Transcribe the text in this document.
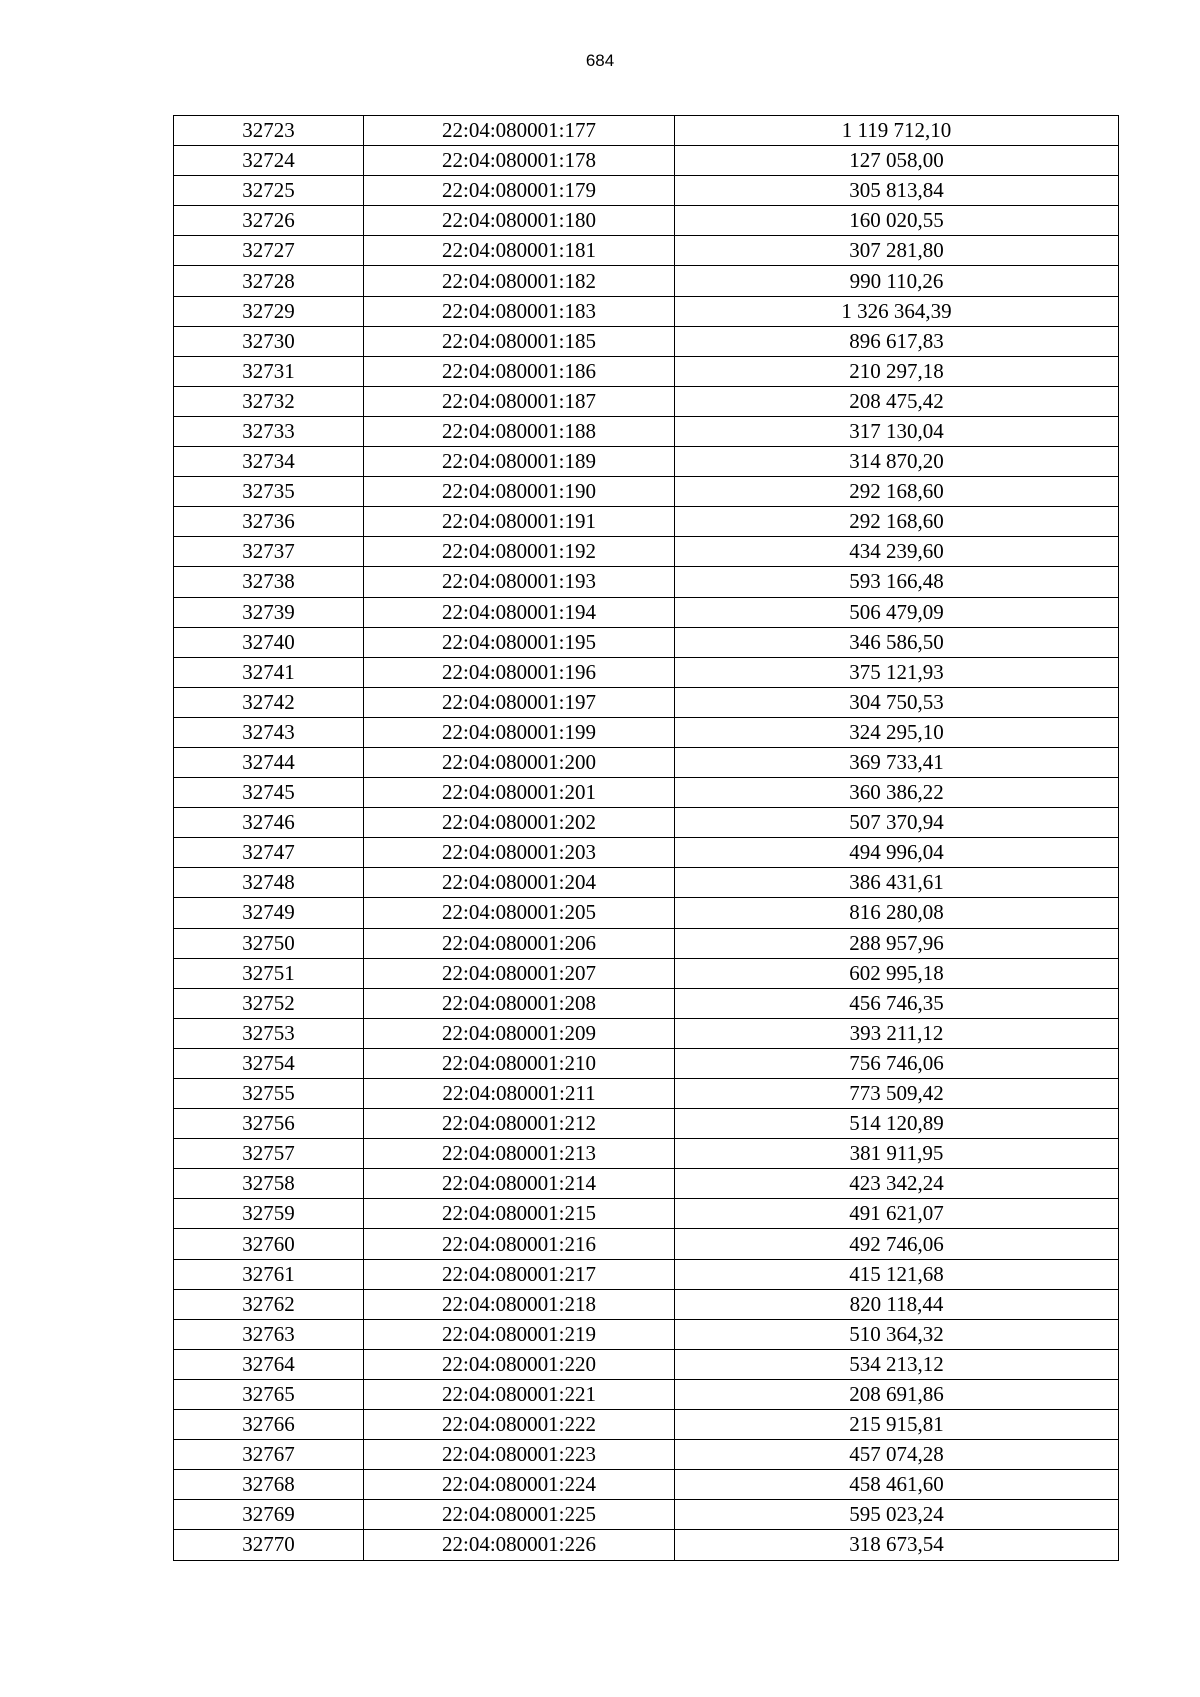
684
32723	22:04:080001:177	1 119 712,10
32724	22:04:080001:178	127 058,00
32725	22:04:080001:179	305 813,84
32726	22:04:080001:180	160 020,55
32727	22:04:080001:181	307 281,80
32728	22:04:080001:182	990 110,26
32729	22:04:080001:183	1 326 364,39
32730	22:04:080001:185	896 617,83
32731	22:04:080001:186	210 297,18
32732	22:04:080001:187	208 475,42
32733	22:04:080001:188	317 130,04
32734	22:04:080001:189	314 870,20
32735	22:04:080001:190	292 168,60
32736	22:04:080001:191	292 168,60
32737	22:04:080001:192	434 239,60
32738	22:04:080001:193	593 166,48
32739	22:04:080001:194	506 479,09
32740	22:04:080001:195	346 586,50
32741	22:04:080001:196	375 121,93
32742	22:04:080001:197	304 750,53
32743	22:04:080001:199	324 295,10
32744	22:04:080001:200	369 733,41
32745	22:04:080001:201	360 386,22
32746	22:04:080001:202	507 370,94
32747	22:04:080001:203	494 996,04
32748	22:04:080001:204	386 431,61
32749	22:04:080001:205	816 280,08
32750	22:04:080001:206	288 957,96
32751	22:04:080001:207	602 995,18
32752	22:04:080001:208	456 746,35
32753	22:04:080001:209	393 211,12
32754	22:04:080001:210	756 746,06
32755	22:04:080001:211	773 509,42
32756	22:04:080001:212	514 120,89
32757	22:04:080001:213	381 911,95
32758	22:04:080001:214	423 342,24
32759	22:04:080001:215	491 621,07
32760	22:04:080001:216	492 746,06
32761	22:04:080001:217	415 121,68
32762	22:04:080001:218	820 118,44
32763	22:04:080001:219	510 364,32
32764	22:04:080001:220	534 213,12
32765	22:04:080001:221	208 691,86
32766	22:04:080001:222	215 915,81
32767	22:04:080001:223	457 074,28
32768	22:04:080001:224	458 461,60
32769	22:04:080001:225	595 023,24
32770	22:04:080001:226	318 673,54
